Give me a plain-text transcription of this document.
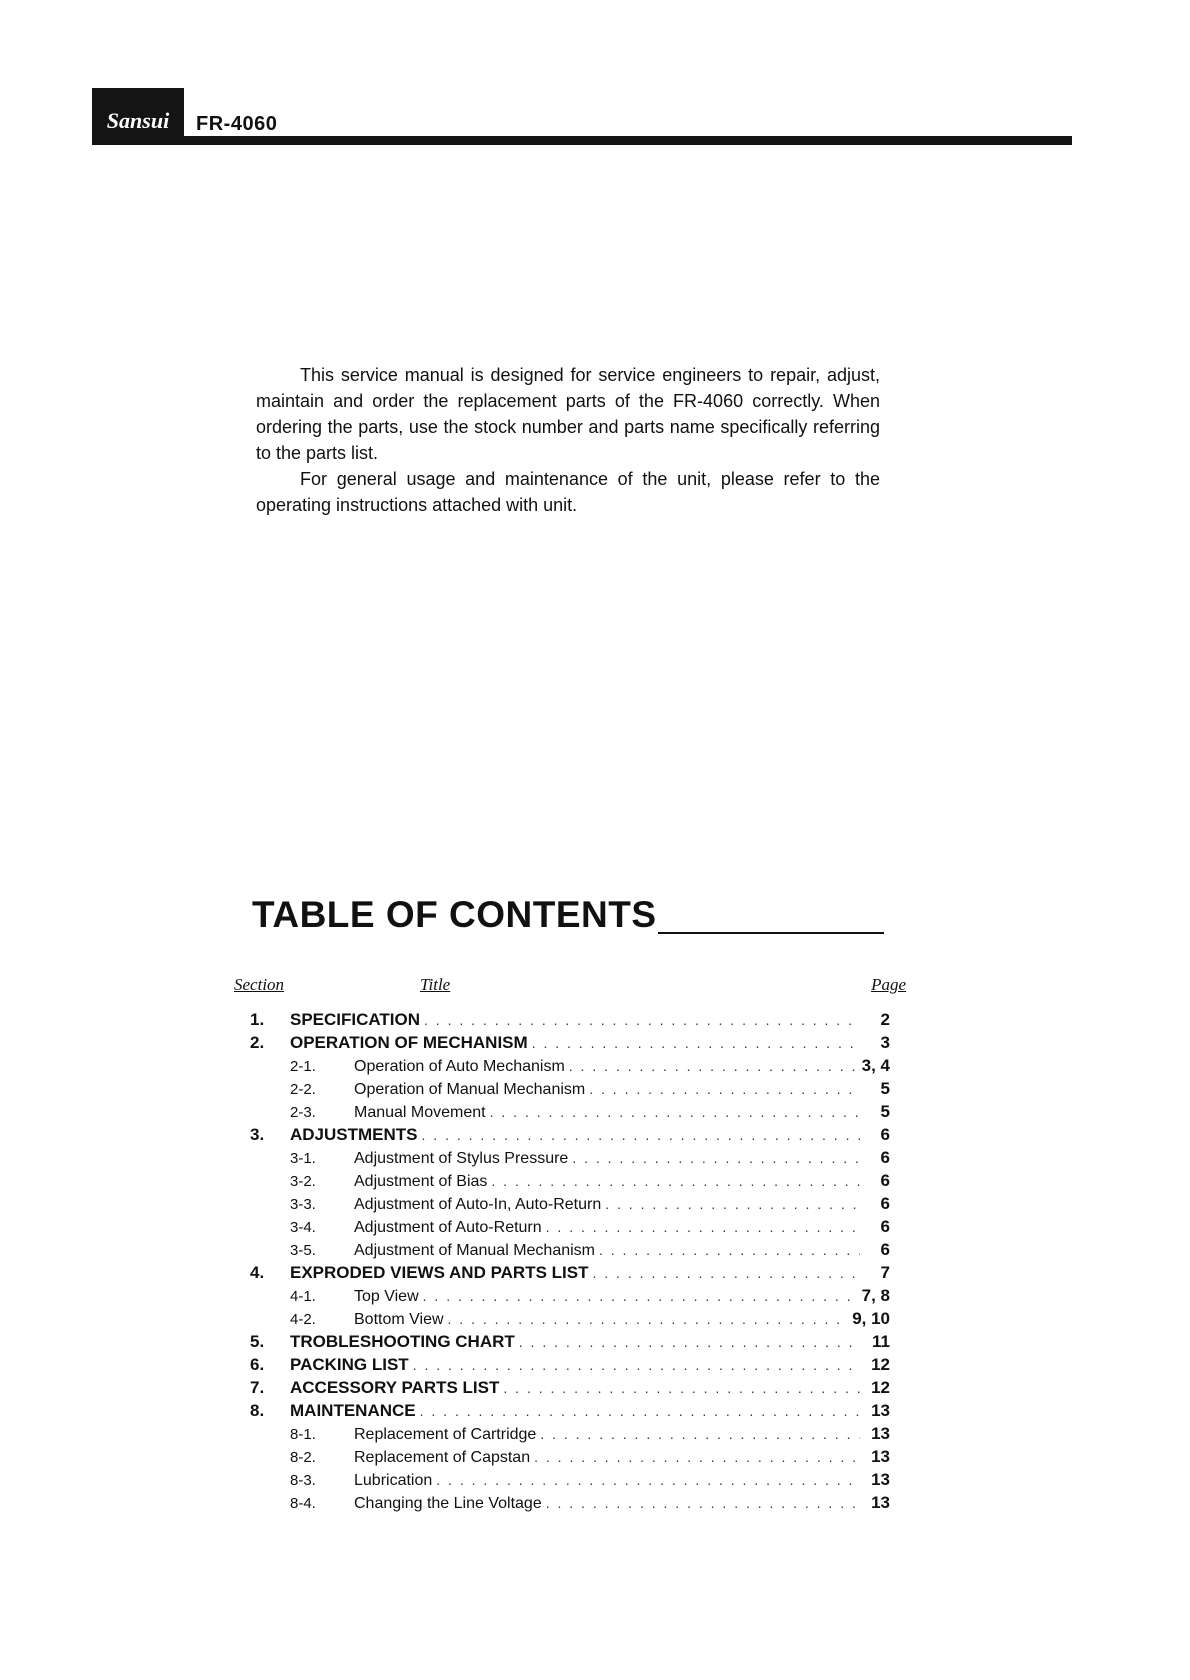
Sansui	FR-4060

This service manual is designed for service engineers to repair, adjust, maintain and order the replacement parts of the FR-4060 correctly. When ordering the parts, use the stock number and parts name specifically referring to the parts list.

For general usage and maintenance of the unit, please refer to the operating instructions attached with unit.

TABLE OF CONTENTS
Section	Title	Page
1.	SPECIFICATION . . .	2
2.	OPERATION OF MECHANISM . . .	3
2-1.	Operation of Auto Mechanism . . .	3, 4
2-2.	Operation of Manual Mechanism . . .	5
2-3.	Manual Movement . . .	5
3.	ADJUSTMENTS . . .	6
3-1.	Adjustment of Stylus Pressure . . .	6
3-2.	Adjustment of Bias . . .	6
3-3.	Adjustment of Auto-In, Auto-Return . . .	6
3-4.	Adjustment of Auto-Return . . .	6
3-5.	Adjustment of Manual Mechanism . . .	6
4.	EXPRODED VIEWS AND PARTS LIST . . .	7
4-1.	Top View . . .	7, 8
4-2.	Bottom View . . .	9, 10
5.	TROBLESHOOTING CHART . . .	11
6.	PACKING LIST . . .	12
7.	ACCESSORY PARTS LIST . . .	12
8.	MAINTENANCE . . .	13
8-1.	Replacement of Cartridge . . .	13
8-2.	Replacement of Capstan . . .	13
8-3.	Lubrication . . .	13
8-4.	Changing the Line Voltage . . .	13
